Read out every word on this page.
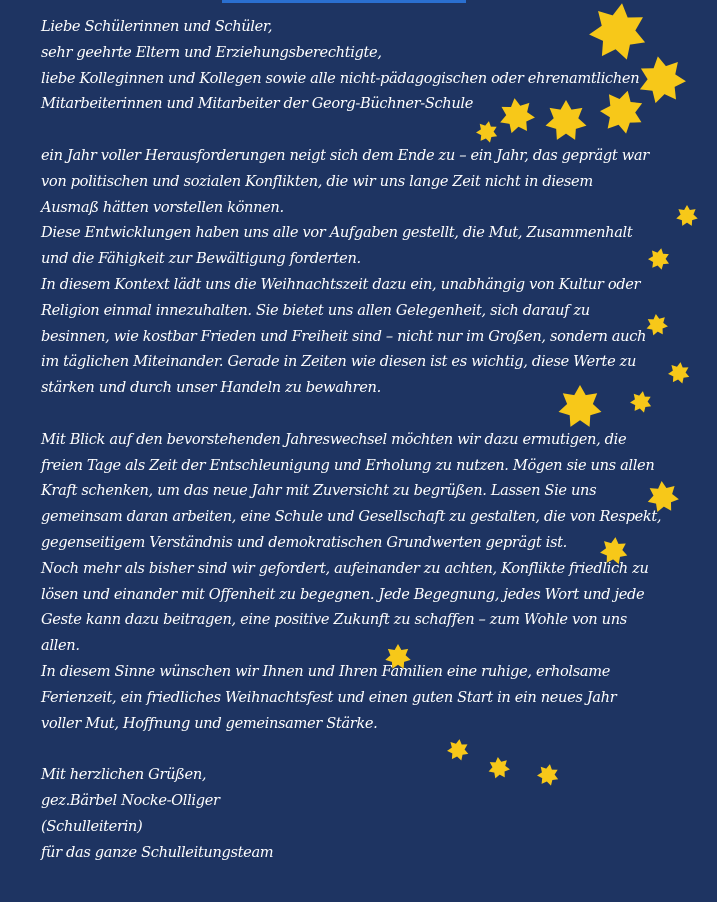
Liebe Schülerinnen und Schüler,
sehr geehrte Eltern und Erziehungsberechtigte,
liebe Kolleginnen und Kollegen sowie alle nicht-pädagogischen oder ehrenamtlichen
Mitarbeiterinnen und Mitarbeiter der Georg-Büchner-Schule
ein Jahr voller Herausforderungen neigt sich dem Ende zu – ein Jahr, das geprägt war
von politischen und sozialen Konflikten, die wir uns lange Zeit nicht in diesem
Ausmaß hätten vorstellen können.
Diese Entwicklungen haben uns alle vor Aufgaben gestellt, die Mut, Zusammenhalt
und die Fähigkeit zur Bewältigung forderten.
In diesem Kontext lädt uns die Weihnachtszeit dazu ein, unabhängig von Kultur oder
Religion einmal innezuhalten. Sie bietet uns allen Gelegenheit, sich darauf zu
besinnen, wie kostbar Frieden und Freiheit sind – nicht nur im Großen, sondern auch
im täglichen Miteinander. Gerade in Zeiten wie diesen ist es wichtig, diese Werte zu
stärken und durch unser Handeln zu bewahren.
Mit Blick auf den bevorstehenden Jahreswechsel möchten wir dazu ermutigen, die
freien Tage als Zeit der Entschleunigung und Erholung zu nutzen. Mögen sie uns allen
Kraft schenken, um das neue Jahr mit Zuversicht zu begrüßen. Lassen Sie uns
gemeinsam daran arbeiten, eine Schule und Gesellschaft zu gestalten, die von Respekt,
gegenseitigem Verständnis und demokratischen Grundwerten geprägt ist.
Noch mehr als bisher sind wir gefordert, aufeinander zu achten, Konflikte friedlich zu
lösen und einander mit Offenheit zu begegnen. Jede Begegnung, jedes Wort und jede
Geste kann dazu beitragen, eine positive Zukunft zu schaffen – zum Wohle von uns
allen.
In diesem Sinne wünschen wir Ihnen und Ihren Familien eine ruhige, erholsame
Ferienzeit, ein friedliches Weihnachtsfest und einen guten Start in ein neues Jahr
voller Mut, Hoffnung und gemeinsamer Stärke.
Mit herzlichen Grüßen,
gez.Bärbel Nocke-Olliger
(Schulleiterin)
für das ganze Schulleitungsteam
